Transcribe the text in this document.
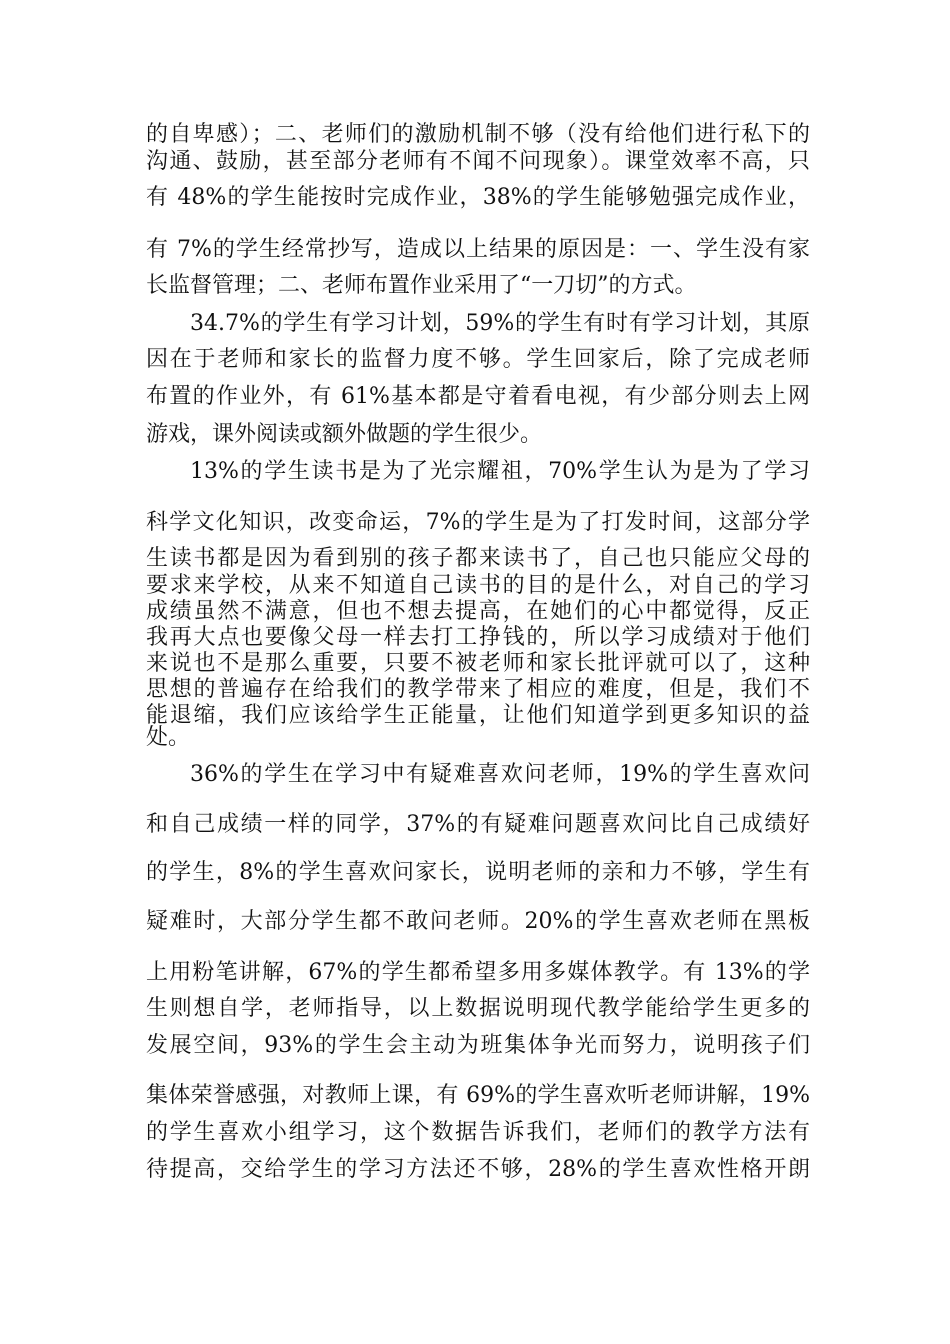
的自卑感）；二、老师们的激励机制不够（没有给他们进行私下的
沟通、鼓励，甚至部分老师有不闻不问现象）。课堂效率不高，只
有 48%的学生能按时完成作业，38%的学生能够勉强完成作业，
有 7%的学生经常抄写，造成以上结果的原因是：一、学生没有家
长监督管理；二、老师布置作业采用了“一刀切”的方式。
34.7%的学生有学习计划，59%的学生有时有学习计划，其原
因在于老师和家长的监督力度不够。学生回家后，除了完成老师
布置的作业外，有 61%基本都是守着看电视，有少部分则去上网
游戏，课外阅读或额外做题的学生很少。
13%的学生读书是为了光宗耀祖，70%学生认为是为了学习
科学文化知识，改变命运，7%的学生是为了打发时间，这部分学
生读书都是因为看到别的孩子都来读书了，自己也只能应父母的
要求来学校，从来不知道自己读书的目的是什么，对自己的学习
成绩虽然不满意，但也不想去提高，在她们的心中都觉得，反正
我再大点也要像父母一样去打工挣钱的，所以学习成绩对于他们
来说也不是那么重要，只要不被老师和家长批评就可以了，这种
思想的普遍存在给我们的教学带来了相应的难度，但是，我们不
能退缩，我们应该给学生正能量，让他们知道学到更多知识的益
处。
36%的学生在学习中有疑难喜欢问老师，19%的学生喜欢问
和自己成绩一样的同学，37%的有疑难问题喜欢问比自己成绩好
的学生，8%的学生喜欢问家长，说明老师的亲和力不够，学生有
疑难时，大部分学生都不敢问老师。20%的学生喜欢老师在黑板
上用粉笔讲解，67%的学生都希望多用多媒体教学。有 13%的学
生则想自学，老师指导，以上数据说明现代教学能给学生更多的
发展空间，93%的学生会主动为班集体争光而努力，说明孩子们
集体荣誉感强，对教师上课，有 69%的学生喜欢听老师讲解，19%
的学生喜欢小组学习，这个数据告诉我们，老师们的教学方法有
待提高，交给学生的学习方法还不够，28%的学生喜欢性格开朗
